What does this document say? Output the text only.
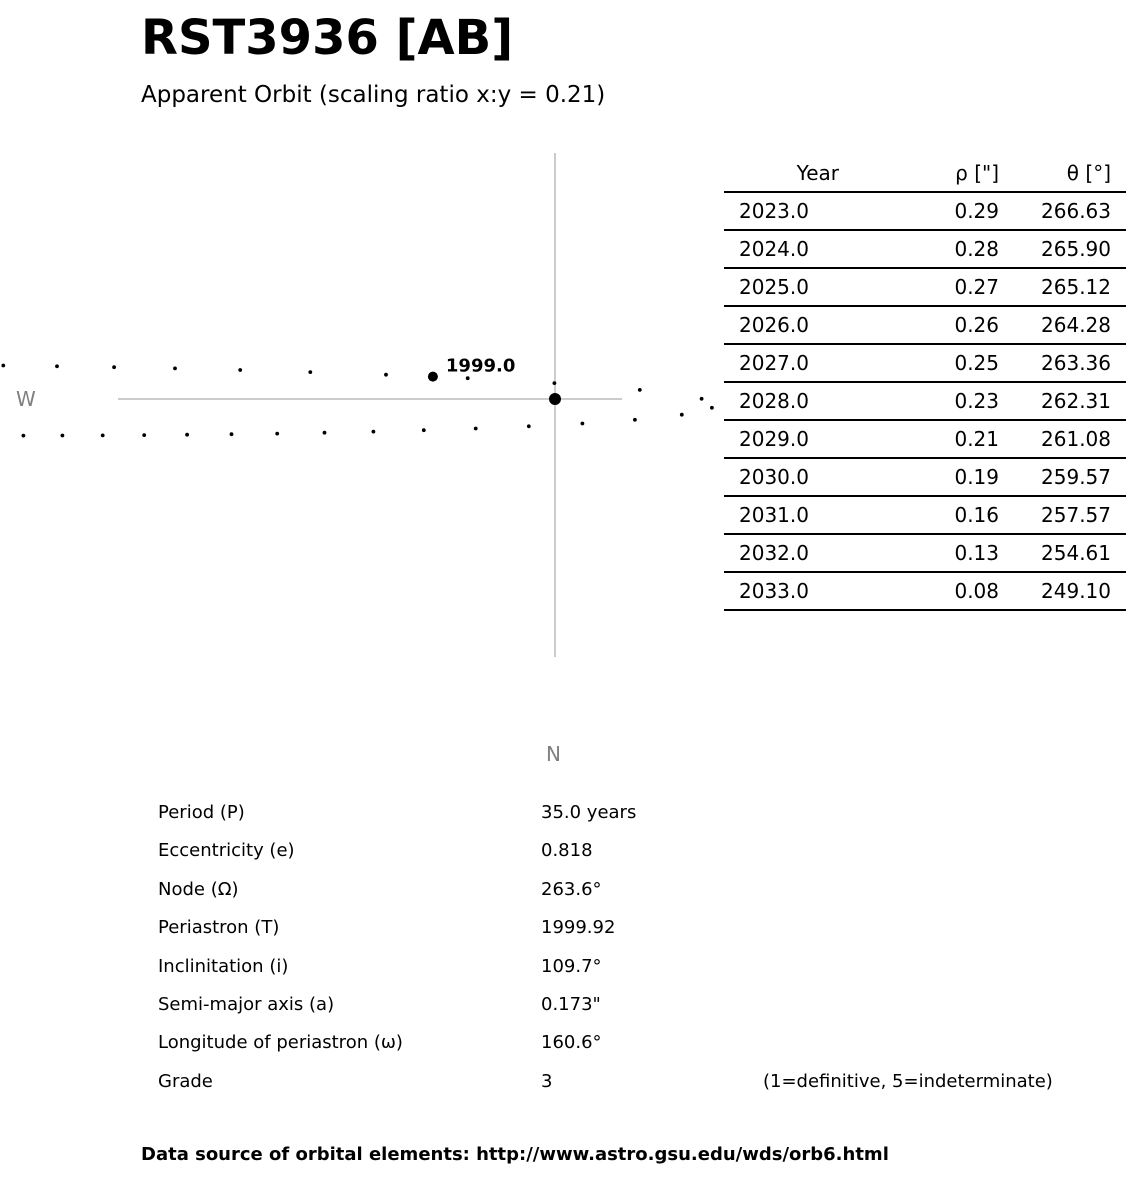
RST3936 [AB]
Apparent Orbit (scaling ratio x:y = 0.21)
1999.0
W
N
Year	ρ ["]	θ [°]
2023.0	0.29	266.63
2024.0	0.28	265.90
2025.0	0.27	265.12
2026.0	0.26	264.28
2027.0	0.25	263.36
2028.0	0.23	262.31
2029.0	0.21	261.08
2030.0	0.19	259.57
2031.0	0.16	257.57
2032.0	0.13	254.61
2033.0	0.08	249.10
Period (P)	35.0 years
Eccentricity (e)	0.818
Node (Ω)	263.6°
Periastron (T)	1999.92
Inclinitation (i)	109.7°
Semi-major axis (a)	0.173"
Longitude of periastron (ω)	160.6°
Grade	3	(1=definitive, 5=indeterminate)
Data source of orbital elements: http://www.astro.gsu.edu/wds/orb6.html
